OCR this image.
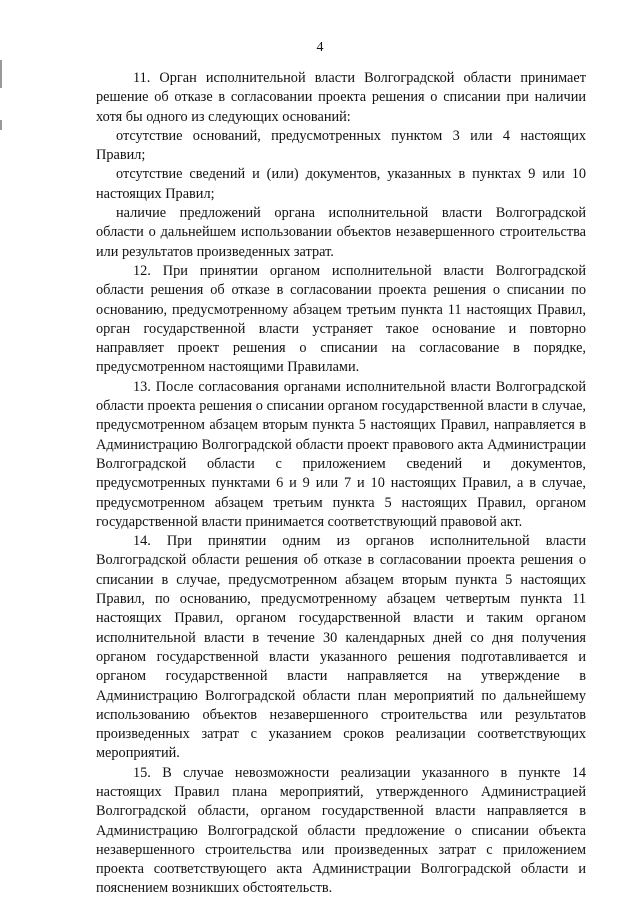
4

11. Орган исполнительной власти Волгоградской области принимает решение об отказе в согласовании проекта решения о списании при наличии хотя бы одного из следующих оснований:

отсутствие оснований, предусмотренных пунктом 3 или 4 настоящих Правил;

отсутствие сведений и (или) документов, указанных в пунктах 9 или 10 настоящих Правил;

наличие предложений органа исполнительной власти Волгоградской области о дальнейшем использовании объектов незавершенного строительства или результатов произведенных затрат.

12. При принятии органом исполнительной власти Волгоградской области решения об отказе в согласовании проекта решения о списании по основанию, предусмотренному абзацем третьим пункта 11 настоящих Правил, орган государственной власти устраняет такое основание и повторно направляет проект решения о списании на согласование в порядке, предусмотренном настоящими Правилами.

13. После согласования органами исполнительной власти Волгоградской области проекта решения о списании органом государственной власти в случае, предусмотренном абзацем вторым пункта 5 настоящих Правил, направляется в Администрацию Волгоградской области проект правового акта Администрации Волгоградской области с приложением сведений и документов, предусмотренных пунктами 6 и 9 или 7 и 10 настоящих Правил, а в случае, предусмотренном абзацем третьим пункта 5 настоящих Правил, органом государственной власти принимается соответствующий правовой акт.

14. При принятии одним из органов исполнительной власти Волгоградской области решения об отказе в согласовании проекта решения о списании в случае, предусмотренном абзацем вторым пункта 5 настоящих Правил, по основанию, предусмотренному абзацем четвертым пункта 11 настоящих Правил, органом государственной власти и таким органом исполнительной власти в течение 30 календарных дней со дня получения органом государственной власти указанного решения подготавливается и органом государственной власти направляется на утверждение в Администрацию Волгоградской области план мероприятий по дальнейшему использованию объектов незавершенного строительства или результатов произведенных затрат с указанием сроков реализации соответствующих мероприятий.

15. В случае невозможности реализации указанного в пункте 14 настоящих Правил плана мероприятий, утвержденного Администрацией Волгоградской области, органом государственной власти направляется в Администрацию Волгоградской области предложение о списании объекта незавершенного строительства или произведенных затрат с приложением проекта соответствующего акта Администрации Волгоградской области и пояснением возникших обстоятельств.
